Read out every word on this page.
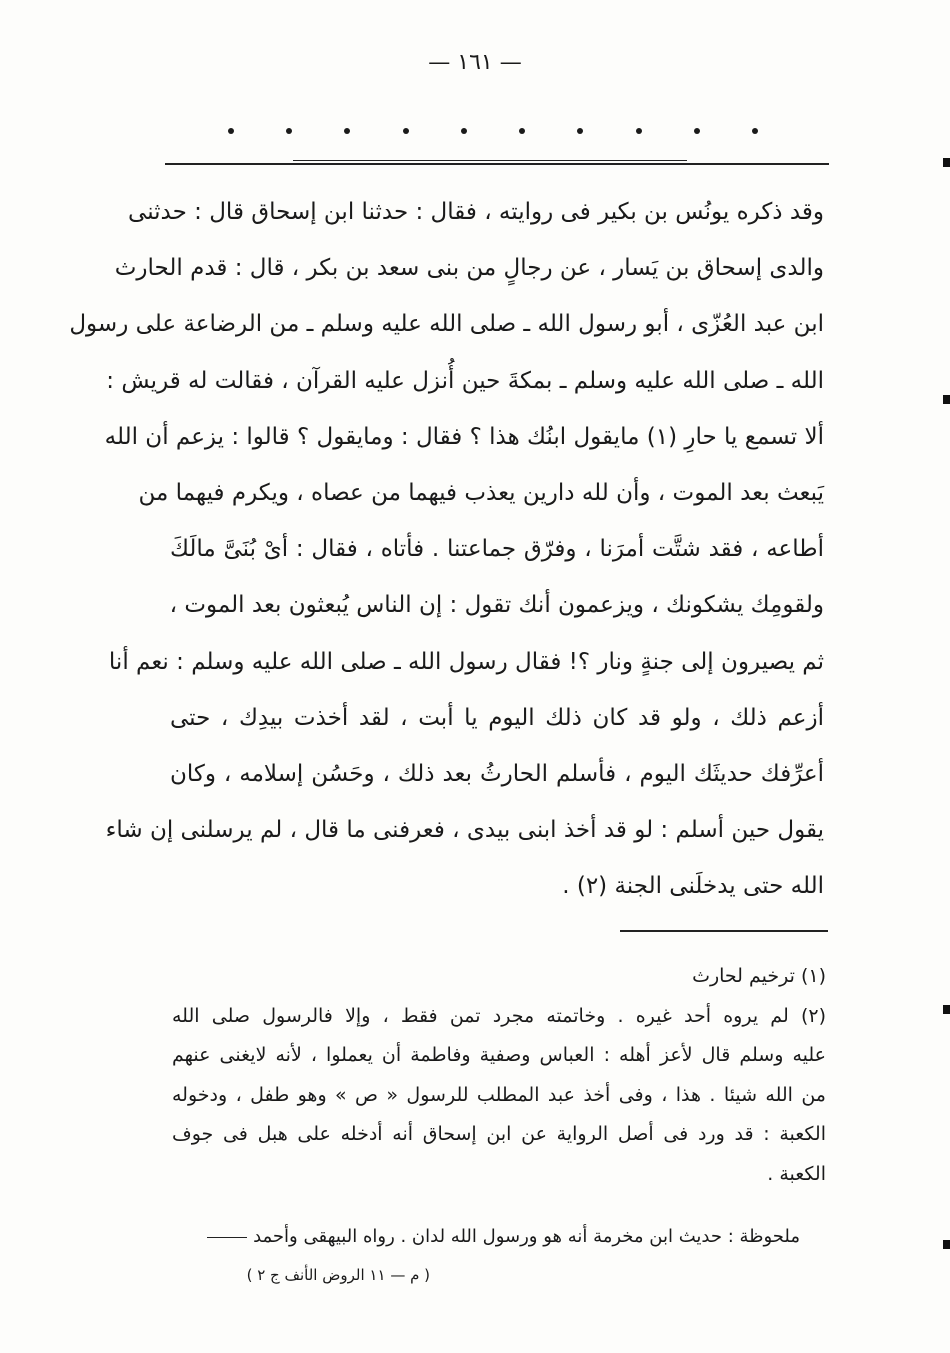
— ١٦١ —
وقد ذكره يونُس بن بكير فى روايته ، فقال : حدثنا ابن إسحاق قال : حدثنى
والدى إسحاق بن يَسار ، عن رجالٍ من بنى سعد بن بكر ، قال : قدم الحارث
ابن عبد العُزّى ، أبو رسول الله ـ صلى الله عليه وسلم ـ من الرضاعة على رسول
الله ـ صلى الله عليه وسلم ـ بمكةَ حين أُنزل عليه القرآن ، فقالت له قريش :
ألا تسمع يا حارِ (١) مايقول ابنُك هذا ؟ فقال : ومايقول ؟ قالوا : يزعم أن الله
يَبعث بعد الموت ، وأن لله دارين يعذب فيهما من عصاه ، ويكرم فيهما من
أطاعه ، فقد شتَّت أمرَنا ، وفرّق جماعتنا . فأتاه ، فقال : أىْ بُنَىَّ مالَكَ
ولقومِك يشكونك ، ويزعمون أنك تقول : إن الناس يُبعثون بعد الموت ،
ثم يصيرون إلى جنةٍ ونار ؟! فقال رسول الله ـ صلى الله عليه وسلم : نعم أنا
أزعم ذلك ، ولو قد كان ذلك اليوم يا أبت ، لقد أخذت بيدِك ، حتى
أعرِّفك حديثَك اليوم ، فأسلم الحارثُ بعد ذلك ، وحَسُن إسلامه ، وكان
يقول حين أسلم : لو قد أخذ ابنى بيدى ، فعرفنى ما قال ، لم يرسلنى إن شاء
الله حتى يدخلَنى الجنة (٢) .
(١) ترخيم لحارث
(٢) لم يروه أحد غيره . وخاتمته مجرد تمن فقط ، وإلا فالرسول صلى الله
عليه وسلم قال لأعز أهله : العباس وصفية وفاطمة أن يعملوا ، لأنه لايغنى عنهم
من الله شيئا . هذا ، وفى أخذ عبد المطلب للرسول « ص » وهو طفل ، ودخوله
الكعبة : قد ورد فى أصل الرواية عن ابن إسحاق أنه أدخله على هبل فى جوف
الكعبة .
ملحوظة : حديث ابن مخرمة أنه هو ورسول الله لدان . رواه البيهقى وأحمد
( م — ١١ الروض الأنف ج ٢ )
